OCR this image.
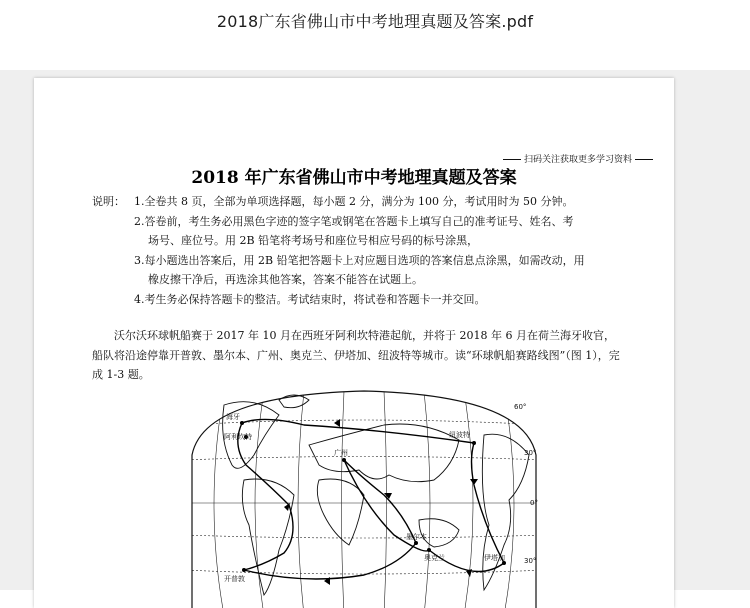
2018广东省佛山市中考地理真题及答案.pdf
扫码关注获取更多学习资料
2018 年广东省佛山市中考地理真题及答案
说明： 1.全卷共 8 页，全部为单项选择题，每小题 2 分，满分为 100 分，考试用时为 50 分钟。
2.答卷前，考生务必用黑色字迹的签字笔或钢笔在答题卡上填写自己的准考证号、姓名、考
场号、座位号。用 2B 铅笔将考场号和座位号相应号码的标号涂黑，
3.每小题选出答案后，用 2B 铅笔把答题卡上对应题目选项的答案信息点涂黑，如需改动，用
橡皮擦干净后，再选涂其他答案，答案不能答在试题上。
4.考生务必保持答题卡的整洁。考试结束时，将试卷和答题卡一并交回。
沃尔沃环球帆船赛于 2017 年 10 月在西班牙阿利坎特港起航，并将于 2018 年 6 月在荷兰海牙收官，船队将沿途停靠开普敦、墨尔本、广州、奥克兰、伊塔加、纽波特等城市。读“环球帆船赛路线图”（图 1），完成 1-3 题。
海牙
阿利坎特	纽波特
广州
开普敦
墨尔本
奥克兰	伊塔加
60°
30°
0°
30°
